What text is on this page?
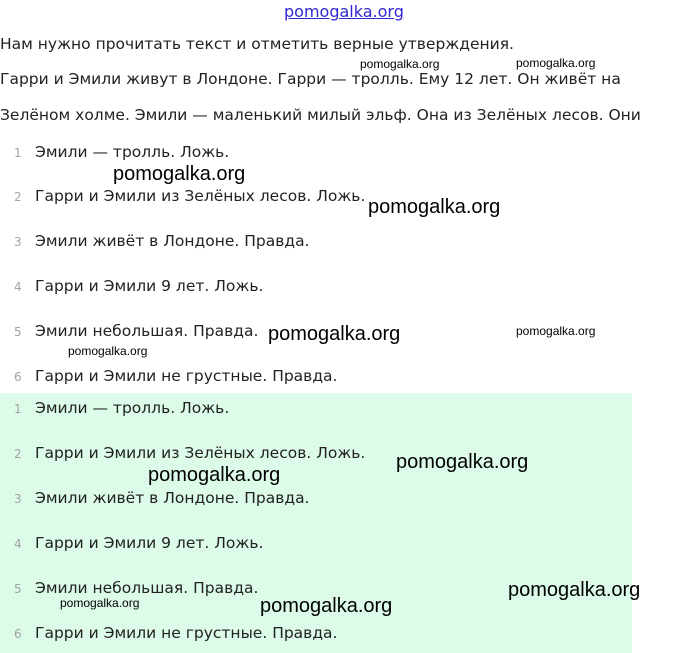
pomogalka.org
Нам нужно прочитать текст и отметить верные утверждения.
Гарри и Эмили живут в Лондоне. Гарри — тролль. Ему 12 лет. Он живёт на
Зелёном холме. Эмили — маленький милый эльф. Она из Зелёных лесов. Они
1 Эмили — тролль. Ложь.
2 Гарри и Эмили из Зелёных лесов. Ложь.
3 Эмили живёт в Лондоне. Правда.
4 Гарри и Эмили 9 лет. Ложь.
5 Эмили небольшая. Правда.
6 Гарри и Эмили не грустные. Правда.
1 Эмили — тролль. Ложь.
2 Гарри и Эмили из Зелёных лесов. Ложь.
3 Эмили живёт в Лондоне. Правда.
4 Гарри и Эмили 9 лет. Ложь.
5 Эмили небольшая. Правда.
6 Гарри и Эмили не грустные. Правда.
pomogalka.org	pomogalka.org
pomogalka.org
pomogalka.org
pomogalka.org	pomogalka.org
pomogalka.org
pomogalka.org
pomogalka.org
pomogalka.org
pomogalka.org	pomogalka.org
